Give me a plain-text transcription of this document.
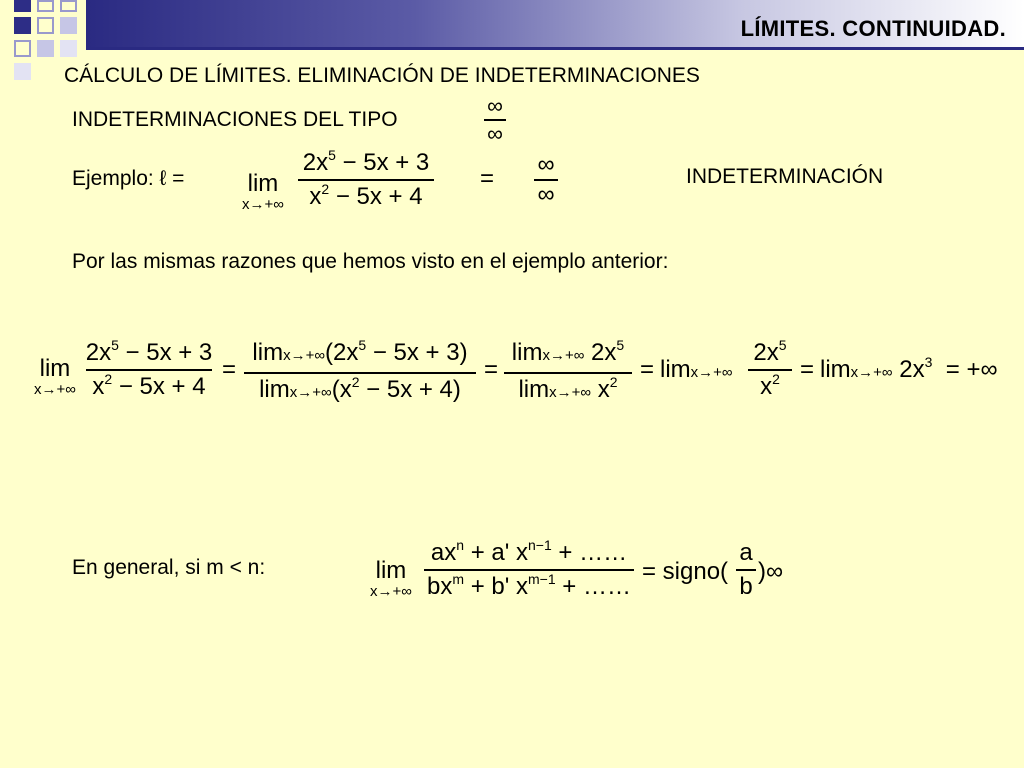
LÍMITES. CONTINUIDAD.
CÁLCULO DE LÍMITES. ELIMINACIÓN DE INDETERMINACIONES
INDETERMINACIONES DEL TIPO
∞
∞
Ejemplo: ℓ =	lim
x→+∞
$2x^5 - 5x + 3$
$x^2 - 5x + 4$
=
∞
∞
INDETERMINACIÓN
Por las mismas razones que hemos visto en el ejemplo anterior:
lim
x→+∞
$2x^5 - 5x + 3$
$x^2 - 5x + 4$
=
$\lim x\to+\infty(2x^5 - 5x + 3)$
$\lim x\to+\infty(x^2 - 5x + 4)$
=
limx→+∞ $2x^5$
limx→+∞ $x^2 = \lim x\to+\infty$
$2x^5$
$x^2 = \lim x\to+\infty$ $2x^3$  = +∞
En general, si m < n:	lim
x→+∞
$ax^n + a'$ $x^{n-1}$ + ……
$bx^m + b'$ $x^{m-1}$ + ……
= signo(
a
b
)∞
